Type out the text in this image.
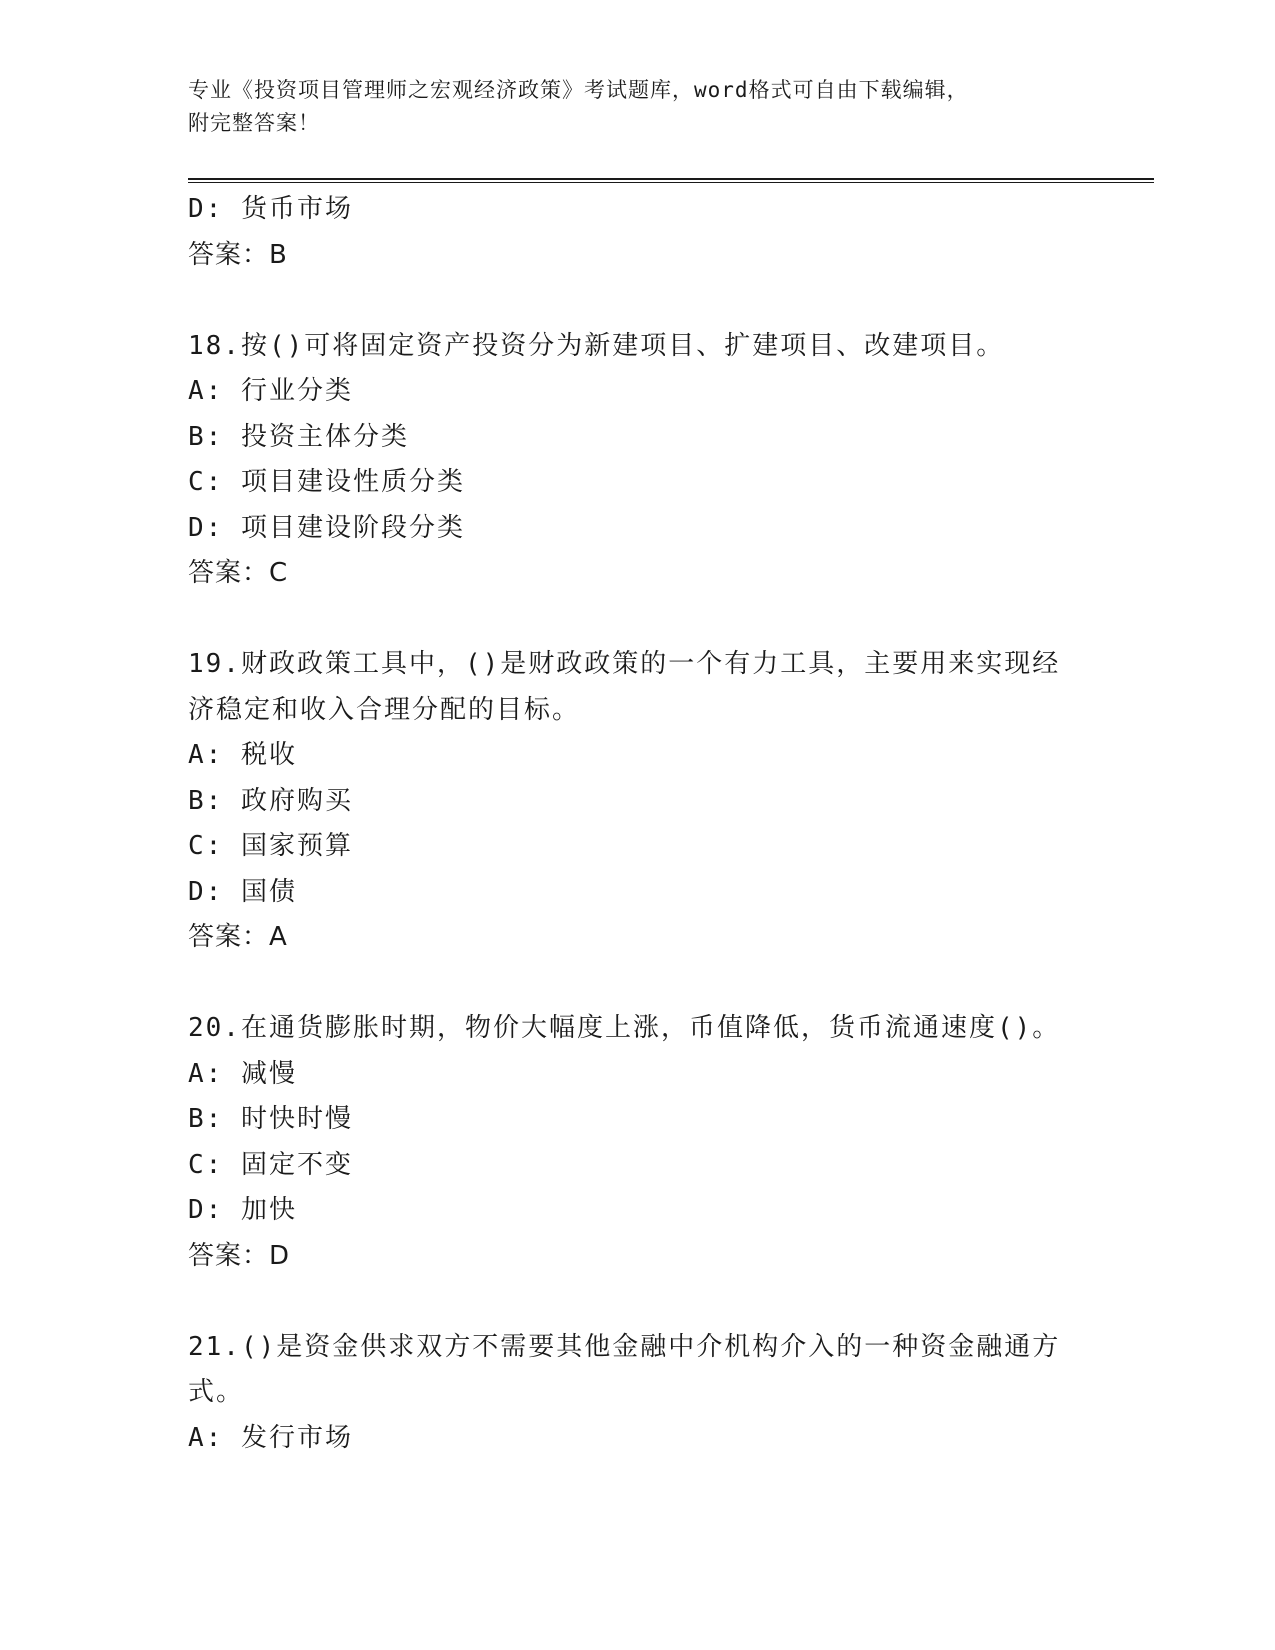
专业《投资项目管理师之宏观经济政策》考试题库，word格式可自由下载编辑，
附完整答案！
D: 货币市场
答案：B
18.按()可将固定资产投资分为新建项目、扩建项目、改建项目。
A: 行业分类
B: 投资主体分类
C: 项目建设性质分类
D: 项目建设阶段分类
答案：C
19.财政政策工具中，()是财政政策的一个有力工具，主要用来实现经
济稳定和收入合理分配的目标。
A: 税收
B: 政府购买
C: 国家预算
D: 国债
答案：A
20.在通货膨胀时期，物价大幅度上涨，币值降低，货币流通速度()。
A: 减慢
B: 时快时慢
C: 固定不变
D: 加快
答案：D
21.()是资金供求双方不需要其他金融中介机构介入的一种资金融通方
式。
A: 发行市场
